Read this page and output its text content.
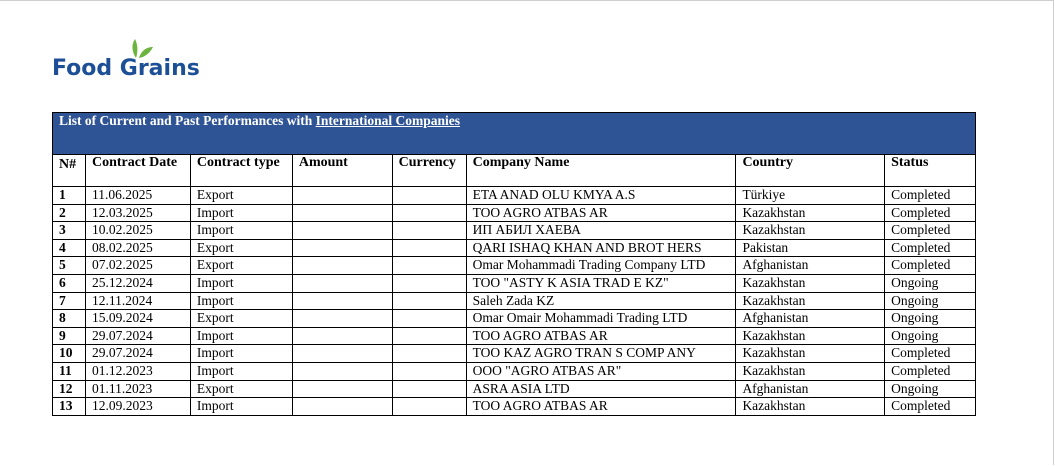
Food Grains
List of Current and Past Performances with International Companies							
N#	Contract Date	Contract type	Amount	Currency	Company Name	Country	Status
1	11.06.2025	Export			ETA ANAD OLU KMYA A.S	Türkiye	Completed
2	12.03.2025	Import			TOO AGRO ATBAS AR	Kazakhstan	Completed
3	10.02.2025	Import			ИП АБИЛ ХАЕВА	Kazakhstan	Completed
4	08.02.2025	Export			QARI ISHAQ KHAN AND BROT HERS	Pakistan	Completed
5	07.02.2025	Export			Omar Mohammadi Trading Company LTD	Afghanistan	Completed
6	25.12.2024	Import			TOO "ASTY K ASIA TRAD E KZ"	Kazakhstan	Ongoing
7	12.11.2024	Import			Saleh Zada KZ	Kazakhstan	Ongoing
8	15.09.2024	Export			Omar Omair Mohammadi Trading LTD	Afghanistan	Ongoing
9	29.07.2024	Import			TOO AGRO ATBAS AR	Kazakhstan	Ongoing
10	29.07.2024	Import			TOO KAZ AGRO TRAN S COMP ANY	Kazakhstan	Completed
11	01.12.2023	Import			OOO "AGRO ATBAS AR"	Kazakhstan	Completed
12	01.11.2023	Export			ASRA ASIA LTD	Afghanistan	Ongoing
13	12.09.2023	Import			TOO AGRO ATBAS AR	Kazakhstan	Completed
